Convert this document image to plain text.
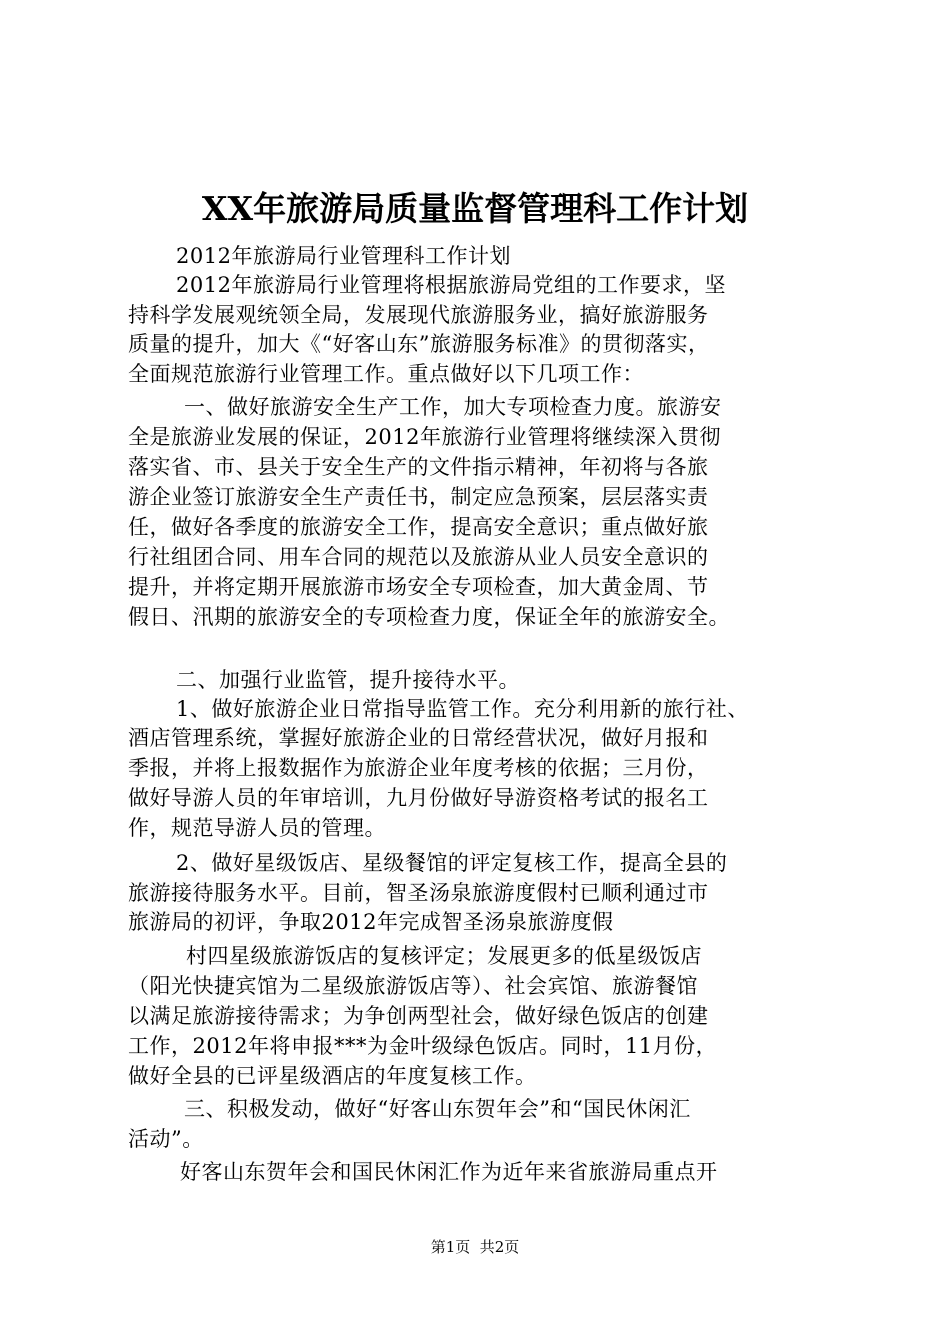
XX年旅游局质量监督管理科工作计划
2012年旅游局行业管理科工作计划
2012年旅游局行业管理将根据旅游局党组的工作要求，坚
持科学发展观统领全局，发展现代旅游服务业，搞好旅游服务
质量的提升，加大《“好客山东”旅游服务标准》的贯彻落实，
全面规范旅游行业管理工作。重点做好以下几项工作：
一、做好旅游安全生产工作，加大专项检查力度。旅游安
全是旅游业发展的保证，2012年旅游行业管理将继续深入贯彻
落实省、市、县关于安全生产的文件指示精神，年初将与各旅
游企业签订旅游安全生产责任书，制定应急预案，层层落实责
任，做好各季度的旅游安全工作，提高安全意识；重点做好旅
行社组团合同、用车合同的规范以及旅游从业人员安全意识的
提升，并将定期开展旅游市场安全专项检查，加大黄金周、节
假日、汛期的旅游安全的专项检查力度，保证全年的旅游安全。
二、加强行业监管，提升接待水平。
1、做好旅游企业日常指导监管工作。充分利用新的旅行社、
酒店管理系统，掌握好旅游企业的日常经营状况，做好月报和
季报，并将上报数据作为旅游企业年度考核的依据；三月份，
做好导游人员的年审培训，九月份做好导游资格考试的报名工
作，规范导游人员的管理。
2、做好星级饭店、星级餐馆的评定复核工作，提高全县的
旅游接待服务水平。目前，智圣汤泉旅游度假村已顺利通过市
旅游局的初评，争取2012年完成智圣汤泉旅游度假
村四星级旅游饭店的复核评定；发展更多的低星级饭店
（阳光快捷宾馆为二星级旅游饭店等）、社会宾馆、旅游餐馆
以满足旅游接待需求；为争创两型社会，做好绿色饭店的创建
工作，2012年将申报***为金叶级绿色饭店。同时，11月份，
做好全县的已评星级酒店的年度复核工作。
三、积极发动，做好“好客山东贺年会”和“国民休闲汇
活动”。
好客山东贺年会和国民休闲汇作为近年来省旅游局重点开
第1页  共2页
